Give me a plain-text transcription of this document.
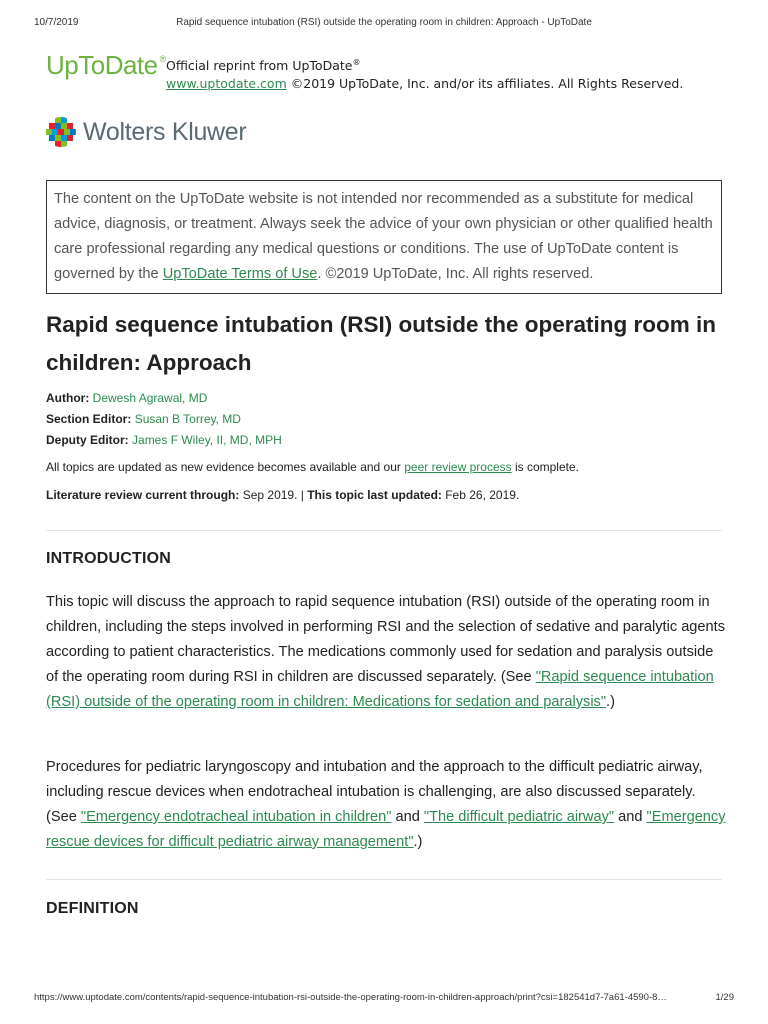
10/7/2019	Rapid sequence intubation (RSI) outside the operating room in children: Approach - UpToDate
UpToDate ® Official reprint from UpToDate®
www.uptodate.com ©2019 UpToDate, Inc. and/or its affiliates. All Rights Reserved.
Wolters Kluwer
The content on the UpToDate website is not intended nor recommended as a substitute for medical advice, diagnosis, or treatment. Always seek the advice of your own physician or other qualified health care professional regarding any medical questions or conditions. The use of UpToDate content is governed by the UpToDate Terms of Use. ©2019 UpToDate, Inc. All rights reserved.
Rapid sequence intubation (RSI) outside the operating room in children: Approach
Author: Dewesh Agrawal, MD
Section Editor: Susan B Torrey, MD
Deputy Editor: James F Wiley, II, MD, MPH
All topics are updated as new evidence becomes available and our peer review process is complete.
Literature review current through: Sep 2019. | This topic last updated: Feb 26, 2019.
INTRODUCTION

This topic will discuss the approach to rapid sequence intubation (RSI) outside of the operating room in children, including the steps involved in performing RSI and the selection of sedative and paralytic agents according to patient characteristics. The medications commonly used for sedation and paralysis outside of the operating room during RSI in children are discussed separately. (See "Rapid sequence intubation (RSI) outside of the operating room in children: Medications for sedation and paralysis".)

Procedures for pediatric laryngoscopy and intubation and the approach to the difficult pediatric airway, including rescue devices when endotracheal intubation is challenging, are also discussed separately. (See "Emergency endotracheal intubation in children" and "The difficult pediatric airway" and "Emergency rescue devices for difficult pediatric airway management".)

DEFINITION
https://www.uptodate.com/contents/rapid-sequence-intubation-rsi-outside-the-operating-room-in-children-approach/print?csi=182541d7-7a61-4590-8…	1/29
